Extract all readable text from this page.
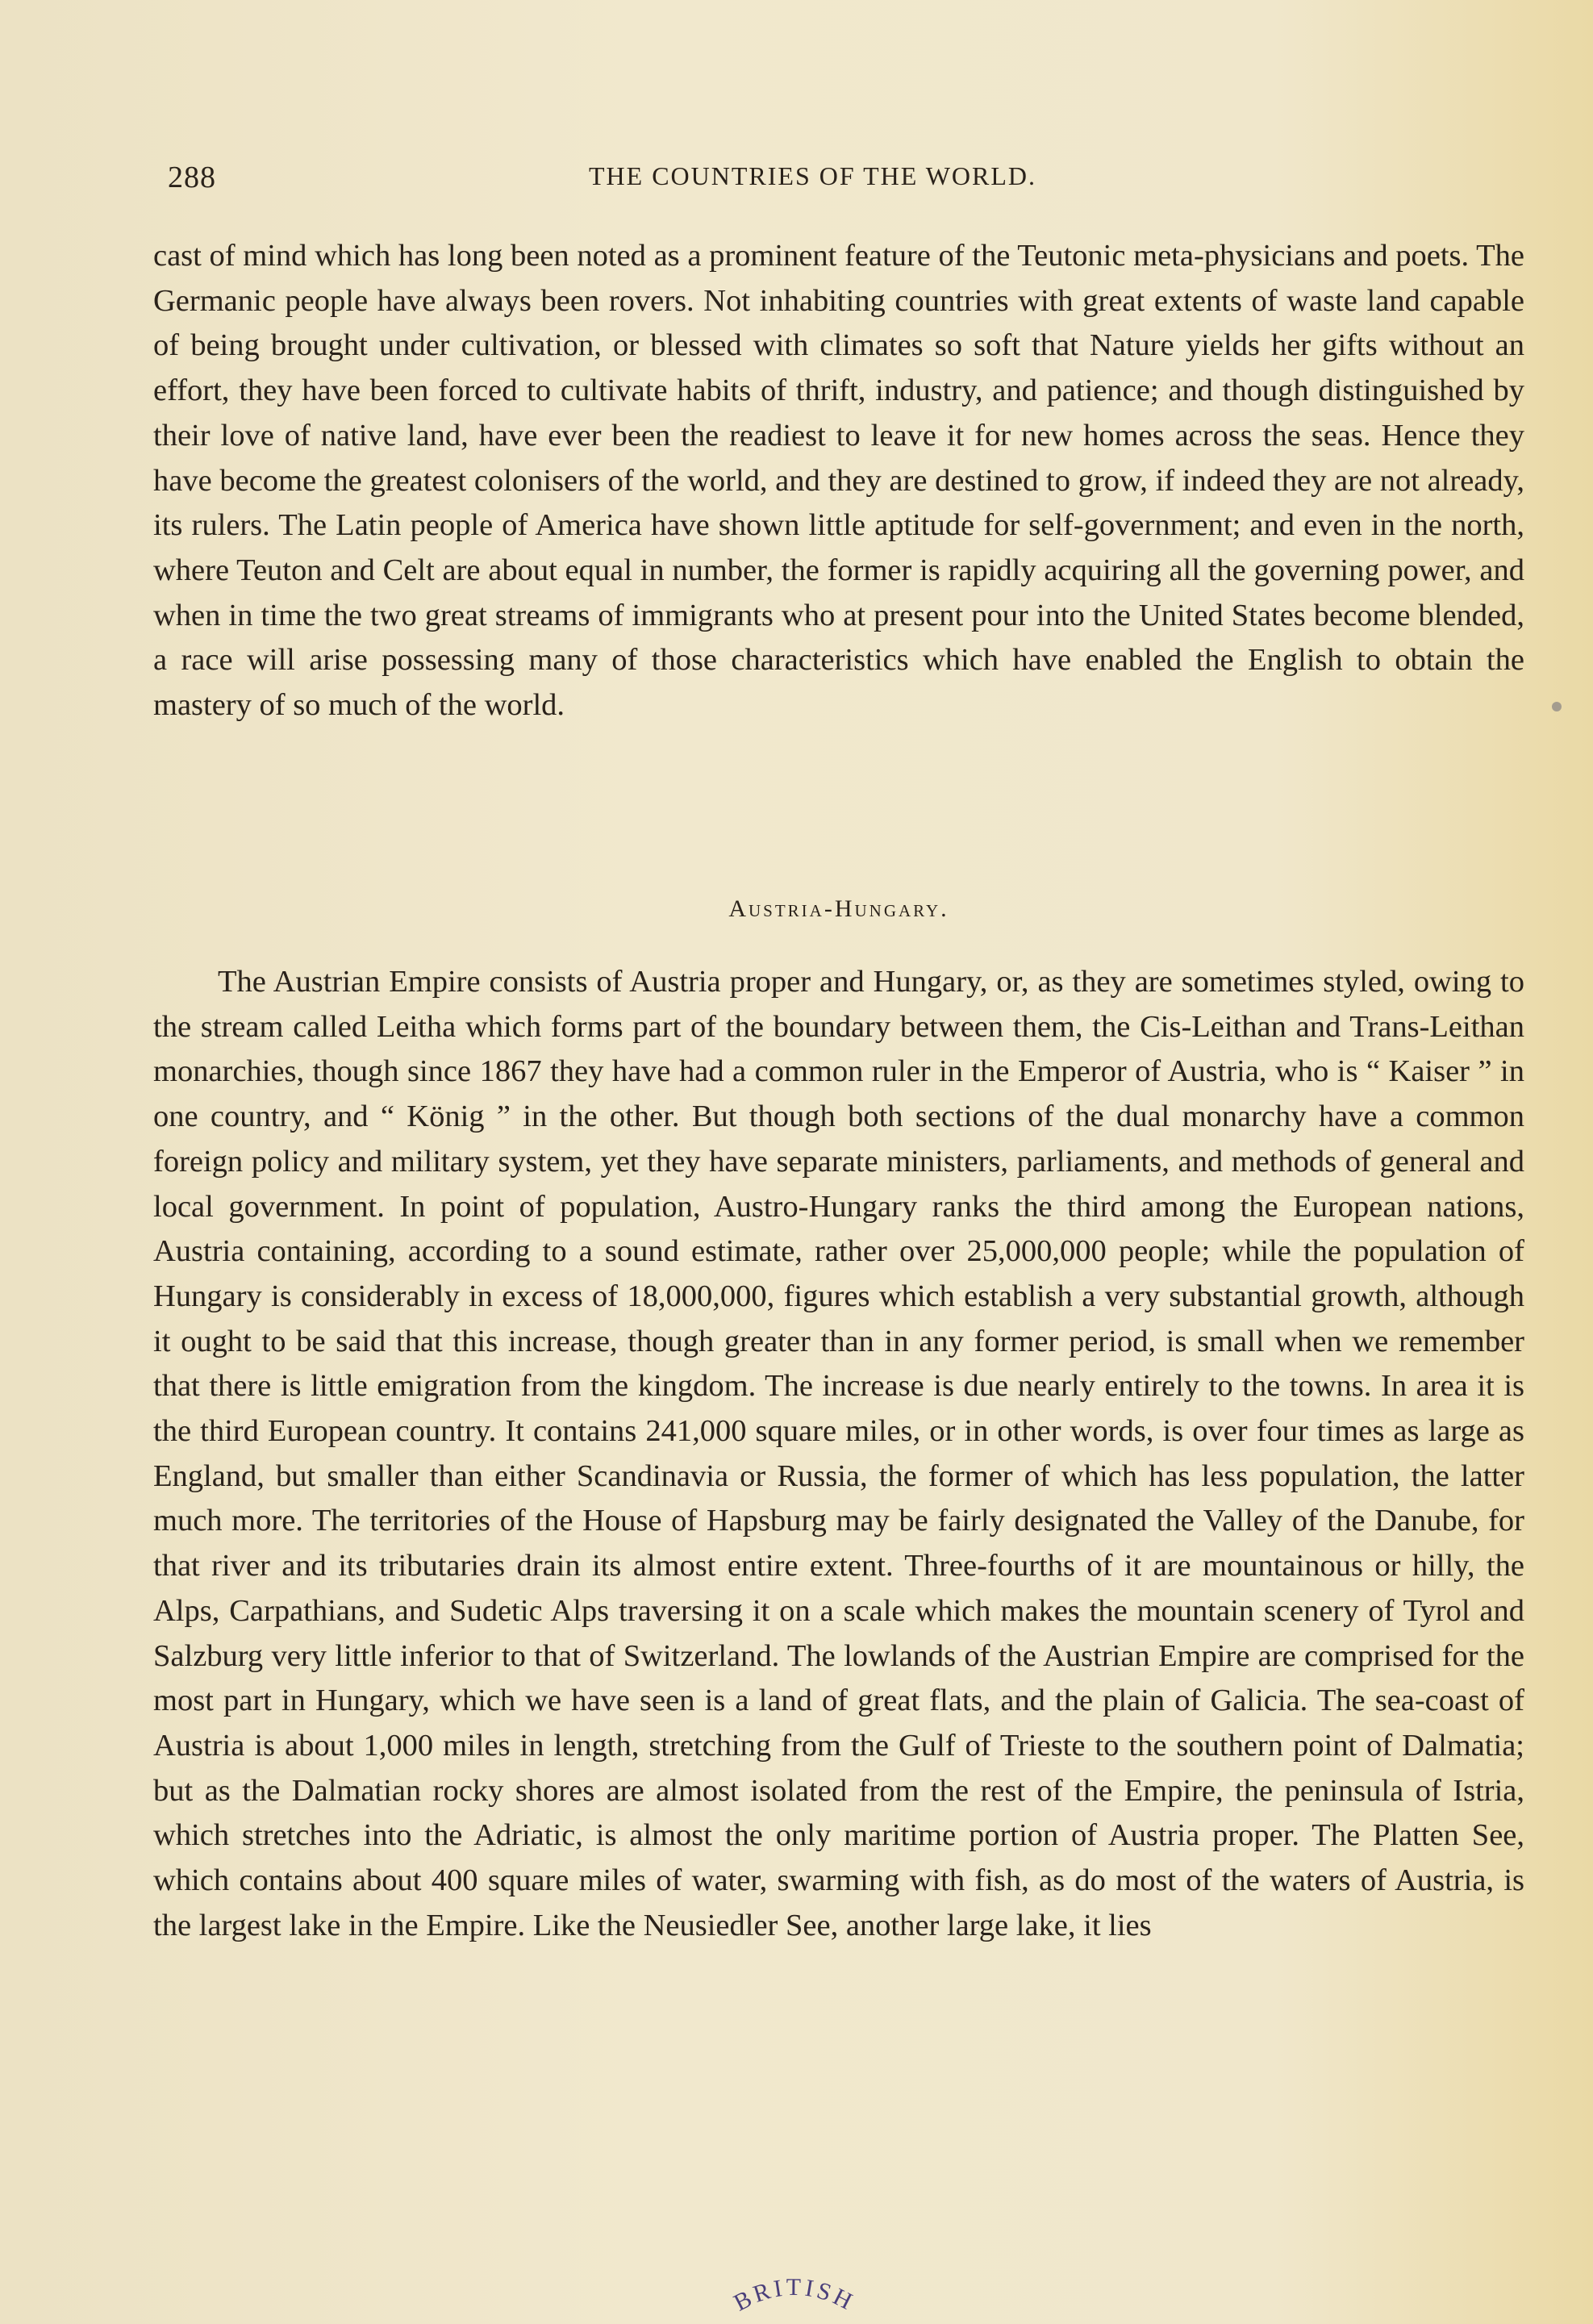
288	THE COUNTRIES OF THE WORLD.

cast of mind which has long been noted as a prominent feature of the Teutonic meta-physicians and poets. The Germanic people have always been rovers. Not inhabiting countries with great extents of waste land capable of being brought under cultivation, or blessed with climates so soft that Nature yields her gifts without an effort, they have been forced to cultivate habits of thrift, industry, and patience; and though distinguished by their love of native land, have ever been the readiest to leave it for new homes across the seas. Hence they have become the greatest colonisers of the world, and they are destined to grow, if indeed they are not already, its rulers. The Latin people of America have shown little aptitude for self-government; and even in the north, where Teuton and Celt are about equal in number, the former is rapidly acquiring all the governing power, and when in time the two great streams of immigrants who at present pour into the United States become blended, a race will arise possessing many of those characteristics which have enabled the English to obtain the mastery of so much of the world.

Austria-Hungary.

The Austrian Empire consists of Austria proper and Hungary, or, as they are sometimes styled, owing to the stream called Leitha which forms part of the boundary between them, the Cis-Leithan and Trans-Leithan monarchies, though since 1867 they have had a common ruler in the Emperor of Austria, who is “ Kaiser ” in one country, and “ König ” in the other. But though both sections of the dual monarchy have a common foreign policy and military system, yet they have separate ministers, parliaments, and methods of general and local government. In point of population, Austro-Hungary ranks the third among the European nations, Austria containing, according to a sound estimate, rather over 25,000,000 people; while the population of Hungary is considerably in excess of 18,000,000, figures which establish a very substantial growth, although it ought to be said that this increase, though greater than in any former period, is small when we remember that there is little emigration from the kingdom. The increase is due nearly entirely to the towns. In area it is the third European country. It contains 241,000 square miles, or in other words, is over four times as large as England, but smaller than either Scandinavia or Russia, the former of which has less population, the latter much more. The territories of the House of Hapsburg may be fairly designated the Valley of the Danube, for that river and its tributaries drain its almost entire extent. Three-fourths of it are mountainous or hilly, the Alps, Carpathians, and Sudetic Alps traversing it on a scale which makes the mountain scenery of Tyrol and Salzburg very little inferior to that of Switzerland. The lowlands of the Austrian Empire are comprised for the most part in Hungary, which we have seen is a land of great flats, and the plain of Galicia. The sea-coast of Austria is about 1,000 miles in length, stretching from the Gulf of Trieste to the southern point of Dalmatia; but as the Dalmatian rocky shores are almost isolated from the rest of the Empire, the peninsula of Istria, which stretches into the Adriatic, is almost the only maritime portion of Austria proper. The Platten See, which contains about 400 square miles of water, swarming with fish, as do most of the waters of Austria, is the largest lake in the Empire. Like the Neusiedler See, another large lake, it lies

BRITISH
